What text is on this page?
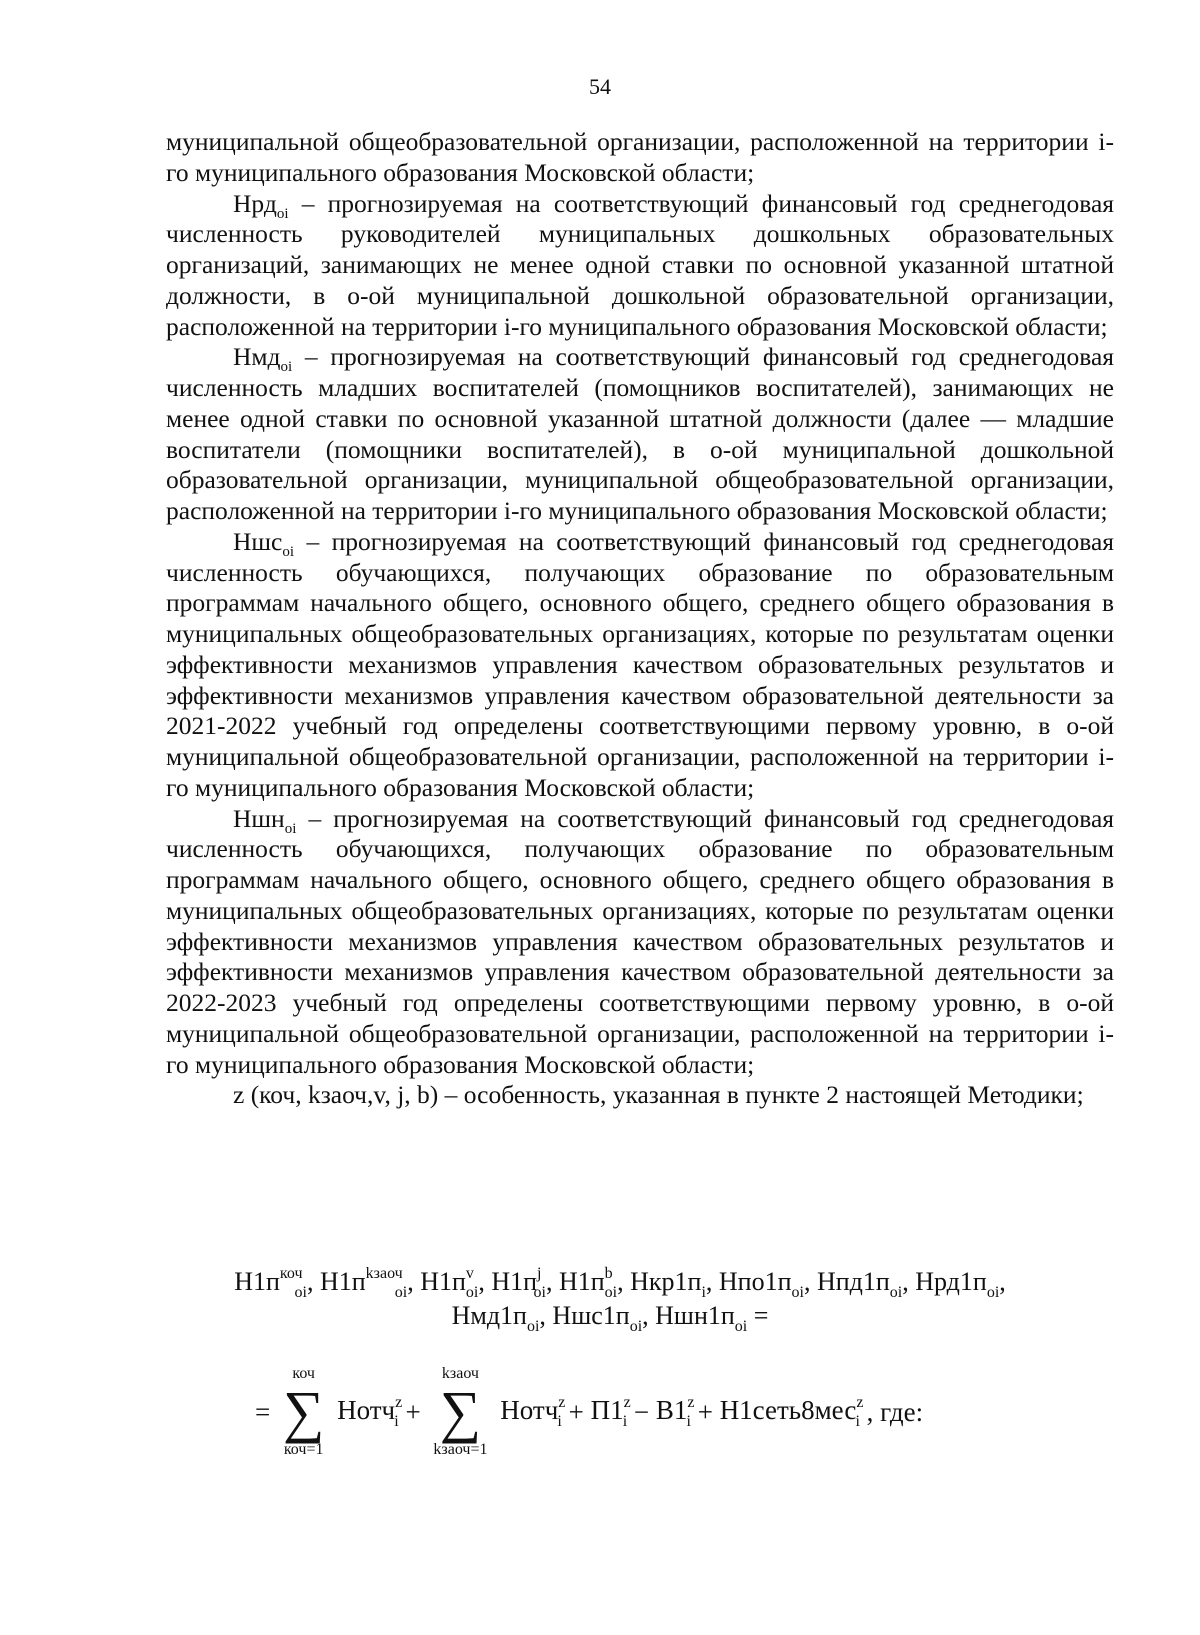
54

муниципальной общеобразовательной организации, расположенной на территории i-го муниципального образования Московской области;

Нрд$_{oi}$ – прогнозируемая на соответствующий финансовый год среднегодовая численность руководителей муниципальных дошкольных образовательных организаций, занимающих не менее одной ставки по основной указанной штатной должности, в о-ой муниципальной дошкольной образовательной организации, расположенной на территории i-го муниципального образования Московской области;

Нмд$_{oi}$ – прогнозируемая на соответствующий финансовый год среднегодовая численность младших воспитателей (помощников воспитателей), занимающих не менее одной ставки по основной указанной штатной должности (далее — младшие воспитатели (помощники воспитателей), в о-ой муниципальной дошкольной образовательной организации, муниципальной общеобразовательной организации, расположенной на территории i-го муниципального образования Московской области;

Ншс$_{oi}$ – прогнозируемая на соответствующий финансовый год среднегодовая численность обучающихся, получающих образование по образовательным программам начального общего, основного общего, среднего общего образования в муниципальных общеобразовательных организациях, которые по результатам оценки эффективности механизмов управления качеством образовательных результатов и эффективности механизмов управления качеством образовательной деятельности за 2021-2022 учебный год определены соответствующими первому уровню, в о-ой муниципальной общеобразовательной организации, расположенной на территории i-го муниципального образования Московской области;

Ншн$_{oi}$ – прогнозируемая на соответствующий финансовый год среднегодовая численность обучающихся, получающих образование по образовательным программам начального общего, основного общего, среднего общего образования в муниципальных общеобразовательных организациях, которые по результатам оценки эффективности механизмов управления качеством образовательных результатов и эффективности механизмов управления качеством образовательной деятельности за 2022-2023 учебный год определены соответствующими первому уровню, в о-ой муниципальной общеобразовательной организации, расположенной на территории i-го муниципального образования Московской области;

z (коч, kзаоч,v, j, b) – особенность, указанная в пункте 2 настоящей Методики;

$Н1п^{коч}_{oi}$, $Н1п^{kзаоч}_{oi}$, $Н1п^v_{oi}$, $Н1п^j_{oi}$, $Н1п^b_{oi}$, $Нкр1п_i$, $Нпо1п_{oi}$, $Нпд1п_{oi}$, $Нрд1п_{oi}$,
$Нмд1п_{oi}$, $Ншс1п_{oi}$, $Ншн1п_{oi}$ =
=
коч
∑
коч=1
Нотч$^z_i$ +
kзаоч
∑
kзаоч=1
Нотч$^z_i$ + $П1^z_i - В1^z_i$ + Н1сеть8мес$^z_i$ , где:
